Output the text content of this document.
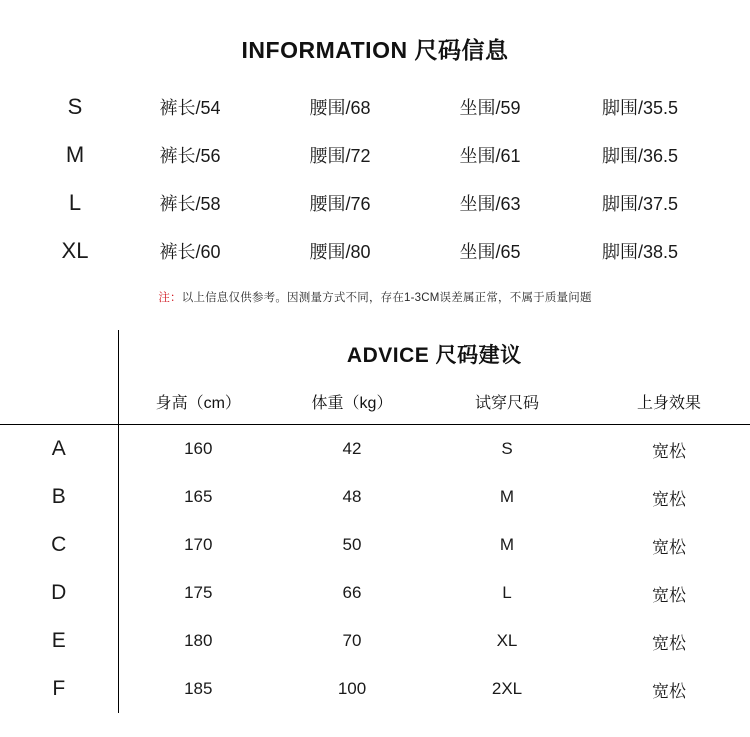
INFORMATION 尺码信息
S	裤长/54	腰围/68	坐围/59	脚围/35.5
M	裤长/56	腰围/72	坐围/61	脚围/36.5
L	裤长/58	腰围/76	坐围/63	脚围/37.5
XL	裤长/60	腰围/80	坐围/65	脚围/38.5
注：以上信息仅供参考。因测量方式不同，存在1-3CM误差属正常，不属于质量问题
	ADVICE 尺码建议			
	身高（cm）	体重（kg）	试穿尺码	上身效果

A	160	42	S	宽松
B	165	48	M	宽松
C	170	50	M	宽松
D	175	66	L	宽松
E	180	70	XL	宽松
F	185	100	2XL	宽松
